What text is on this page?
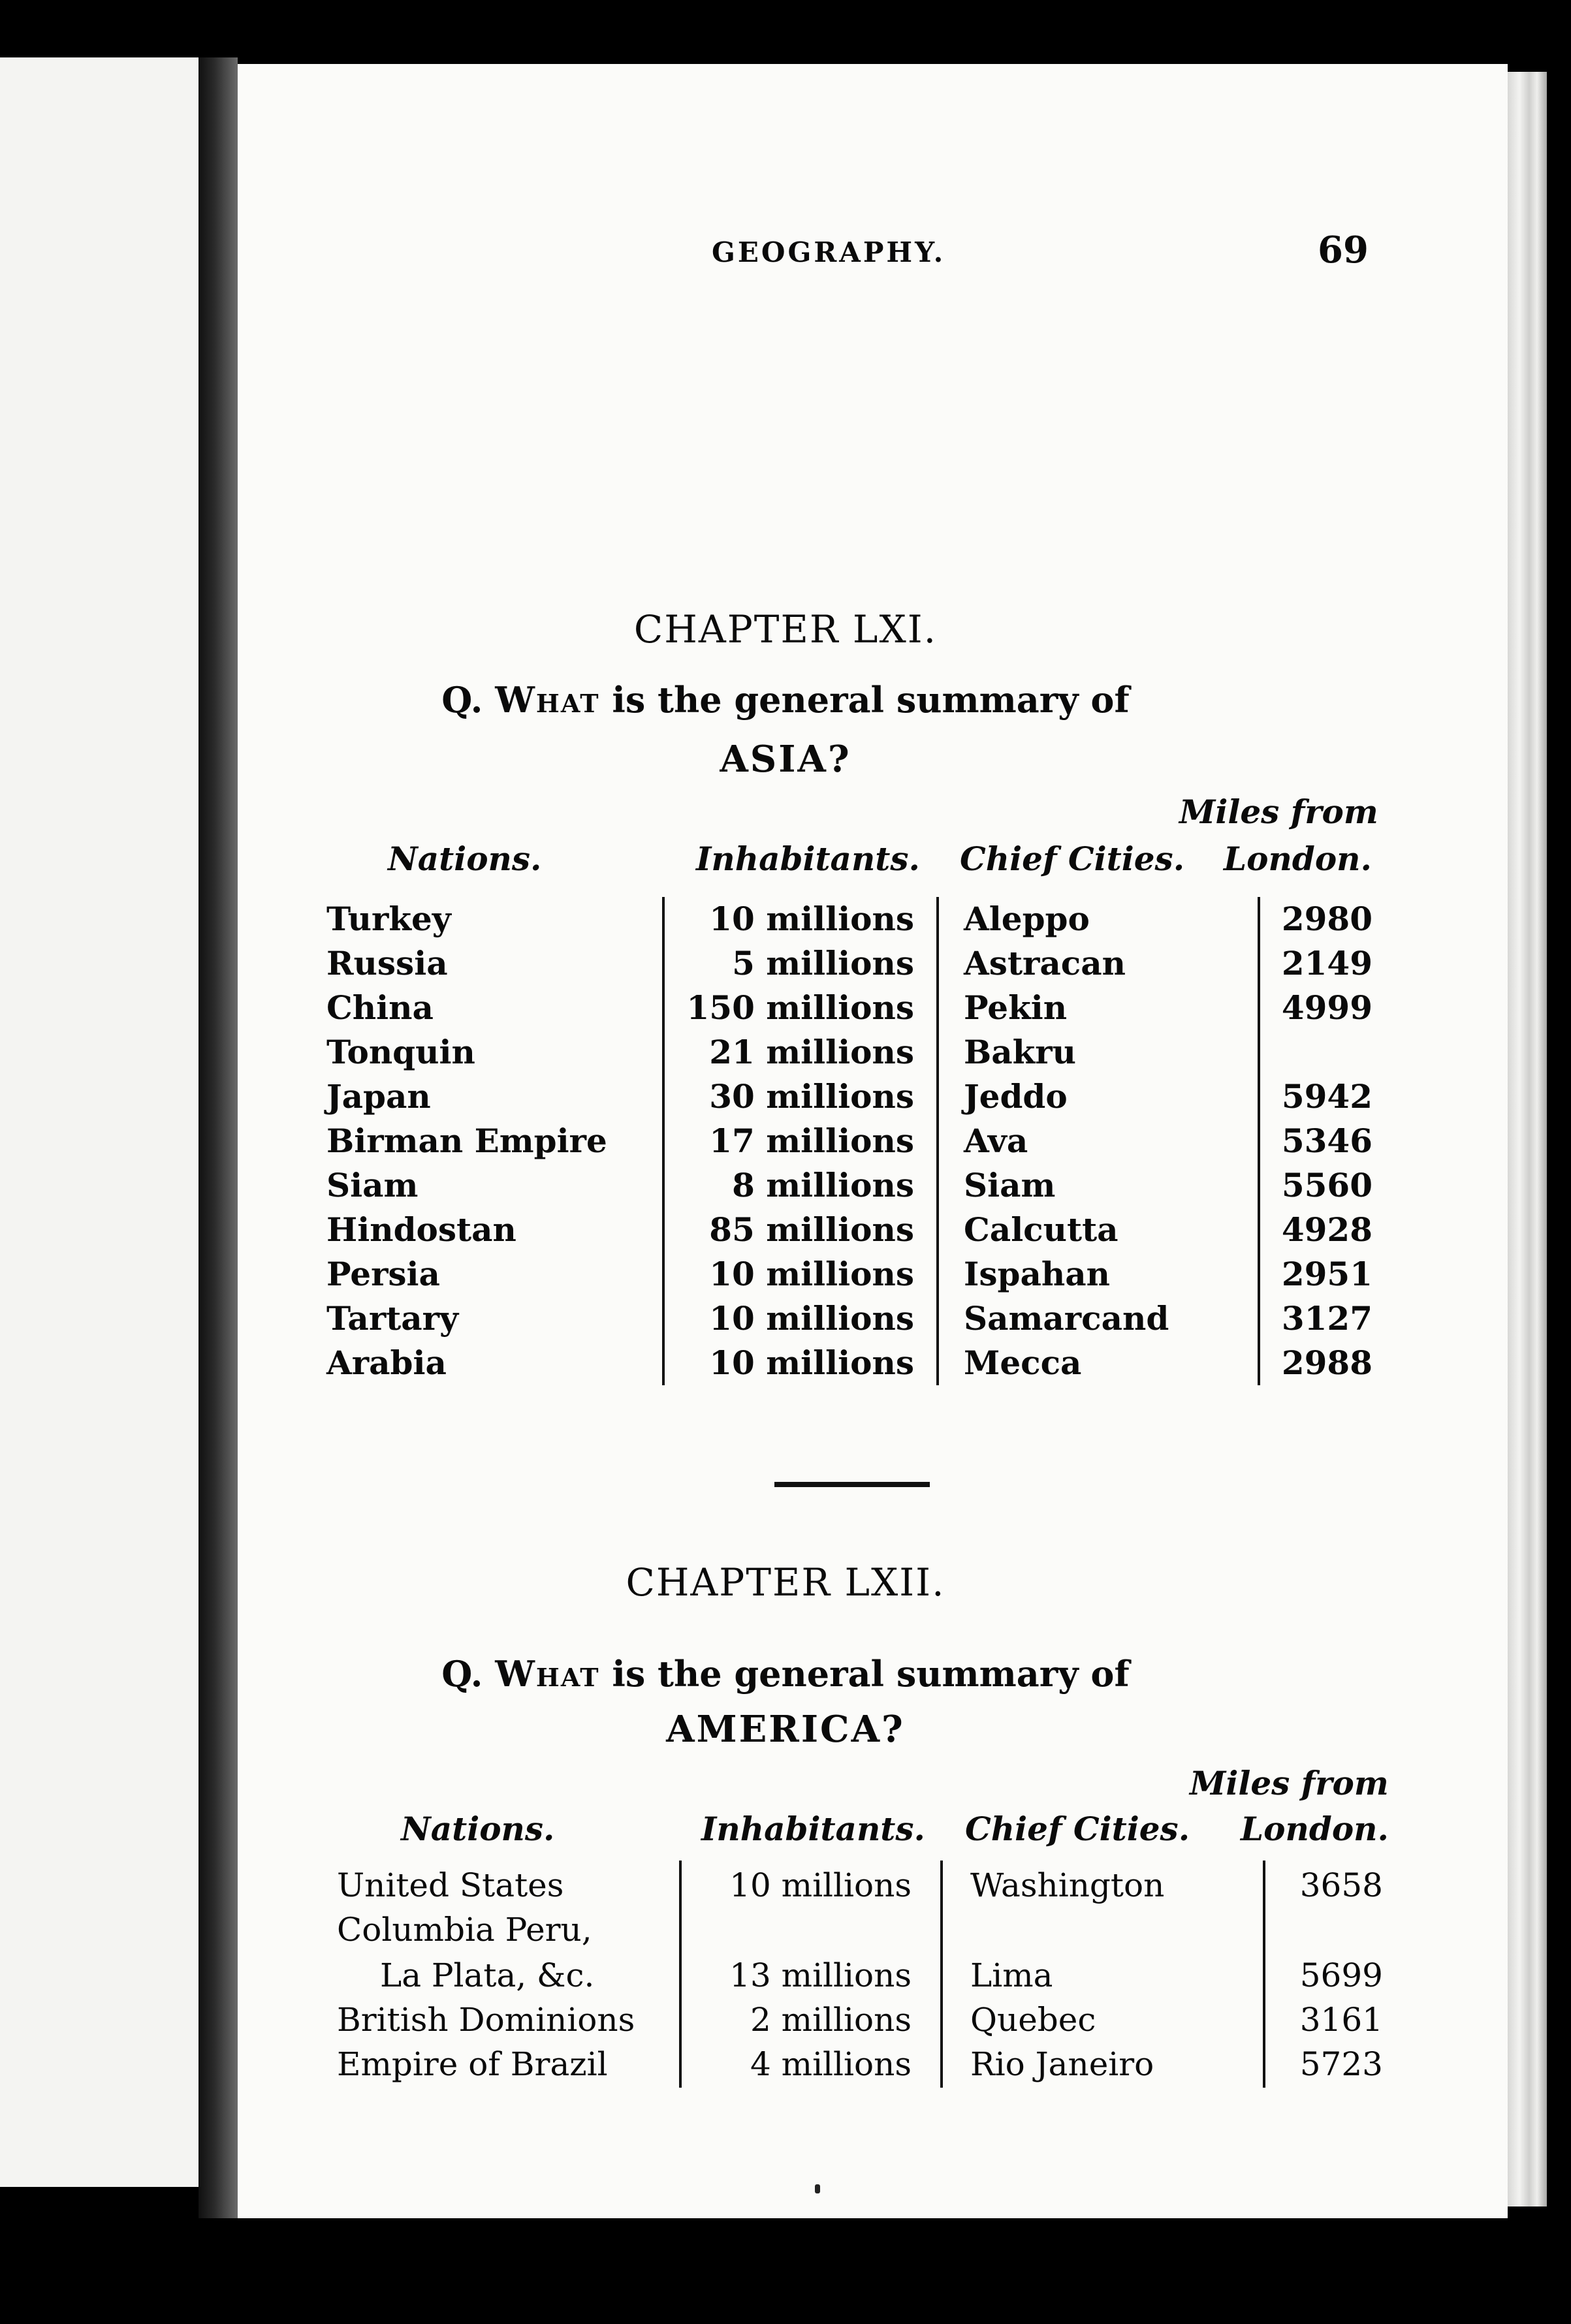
GEOGRAPHY.	69
CHAPTER LXI.
Q. What is the general summary of
ASIA?
Miles from
Nations.	Inhabitants. Chief Cities. London.
Turkey	10 millions Aleppo	2980
Russia	5 millions Astracan	2149
China	150 millions Pekin	4999
Tonquin	21 millions Bakru
Japan	30 millions Jeddo	5942
Birman Empire	17 millions Ava	5346
Siam	8 millions Siam	5560
Hindostan	85 millions Calcutta	4928
Persia	10 millions Ispahan	2951
Tartary	10 millions Samarcand	3127
Arabia	10 millions Mecca	2988
CHAPTER LXII.
Q. What is the general summary of
AMERICA?
Miles from
Nations.	Inhabitants. Chief Cities. London.
United States	10 millions Washington	3658
Columbia Peru,
La Plata, &c.	13 millions Lima	5699
British Dominions	2 millions Quebec	3161
Empire of Brazil	4 millions Rio Janeiro	5723
